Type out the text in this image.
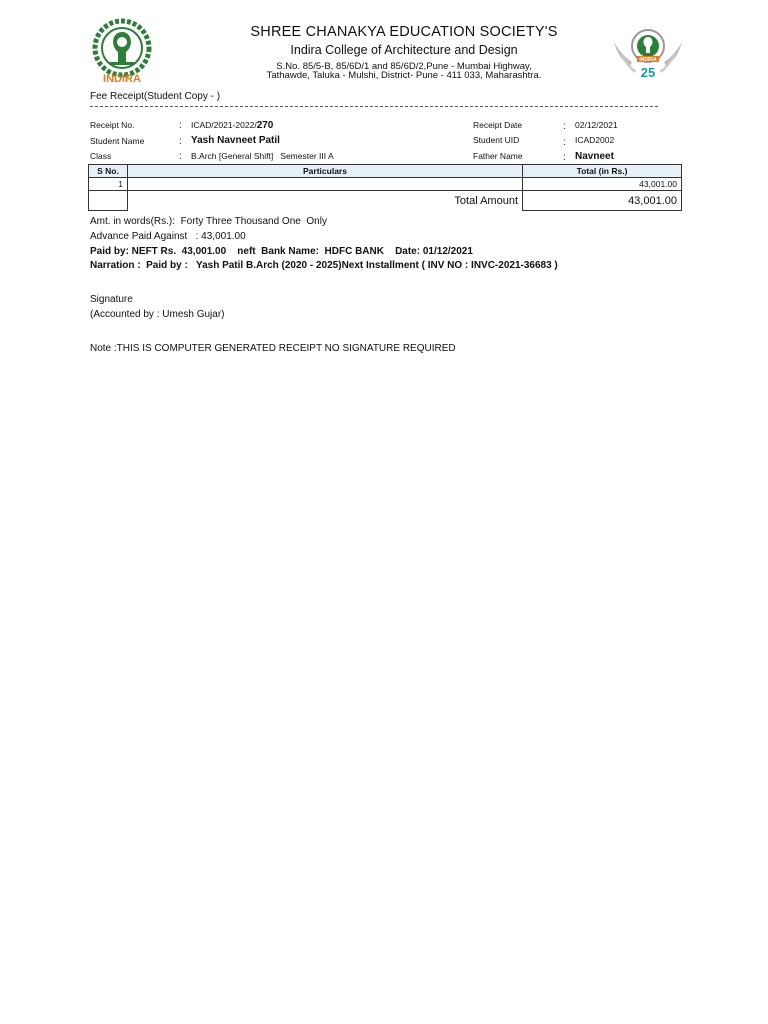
INDIRA
INDIRA
25
SHREE CHANAKYA EDUCATION SOCIETY'S
Indira College of Architecture and Design
S.No. 85/5-B, 85/6D/1 and 85/6D/2,Pune - Mumbai Highway,
Tathawde, Taluka - Mulshi, District- Pune - 411 033, Maharashtra.
Fee Receipt(Student Copy - )
Receipt No.	: ICAD/2021-2022/270
Student Name	: Yash Navneet Patil
Class	: B.Arch [General Shift]   Semester III A
Receipt Date	: 02/12/2021
Student UID	: ICAD2002
Father Name	: Navneet
S No.	Particulars	Total (in Rs.)
1		43,001.00
	Total Amount	43,001.00
Amt. in words(Rs.):  Forty Three Thousand One  Only
Advance Paid Against   : 43,001.00
Paid by: NEFT Rs.  43,001.00    neft  Bank Name:  HDFC BANK    Date: 01/12/2021
Narration :  Paid by :   Yash Patil B.Arch (2020 - 2025)Next Installment ( INV NO : INVC-2021-36683 )
Signature
(Accounted by : Umesh Gujar)
Note :THIS IS COMPUTER GENERATED RECEIPT NO SIGNATURE REQUIRED
